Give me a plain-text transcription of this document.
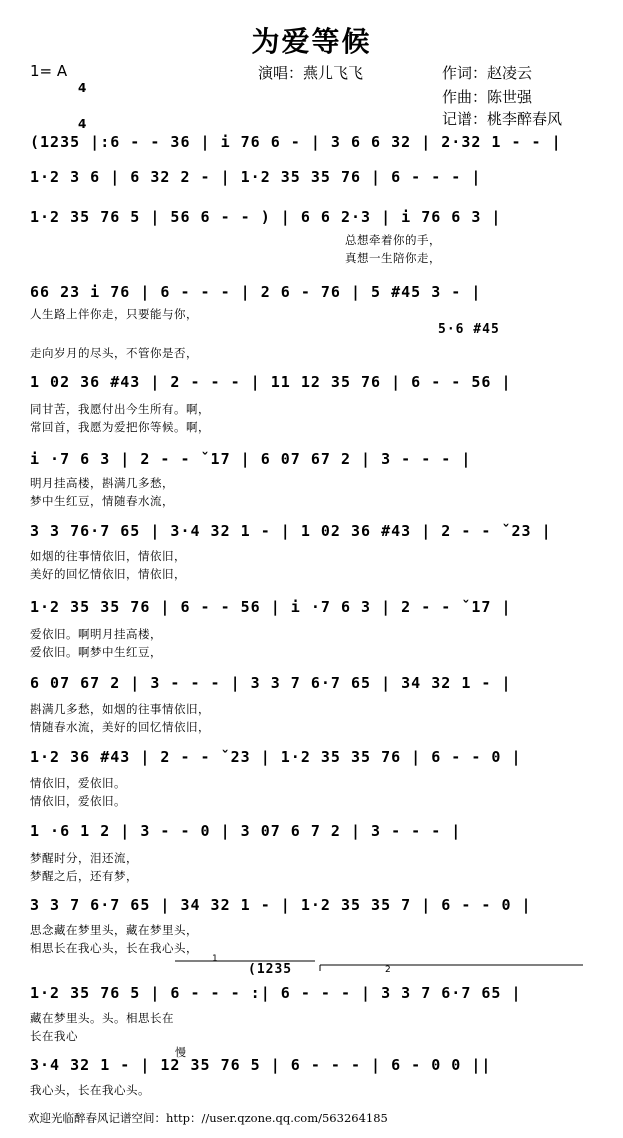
为爱等候
1= A

4

4

演唱：燕儿飞飞	作词：赵凌云
作曲：陈世强
记谱：桃李醉春风
(1235 |:6 - - 36 | i 76 6 - | 3 6 6 32 | 2·32 1 - - |
1·2 3 6 | 6 32 2 - | 1·2 35 35 76 | 6 - - - |
1·2 35 76 5 | 56 6 - - ) | 6 6 2·3 | i 76 6 3 |
总想牵着你的手，
真想一生陪你走，
66 23 i 76 | 6 - - - | 2 6 - 76 | 5 #45 3 - |
人生路上伴你走，只要能与你，
5·6 #45
走向岁月的尽头，不管你是否，
1 02 36 #43 | 2 - - - | 11 12 35 76 | 6 - - 56 |
同甘苦，我愿付出今生所有。啊，
常回首，我愿为爱把你等候。啊，
i ·7 6 3 | 2 - - ˇ17 | 6 07 67 2 | 3 - - - |
明月挂高楼，斟满几多愁，
梦中生红豆，情随春水流，
3 3 76·7 65 | 3·4 32 1 - | 1 02 36 #43 | 2 - - ˇ23 |
如烟的往事情依旧，情依旧，
美好的回忆情依旧，情依旧，
1·2 35 35 76 | 6 - - 56 | i ·7 6 3 | 2 - - ˇ17 |
爱依旧。啊明月挂高楼，
爱依旧。啊梦中生红豆，
6 07 67 2 | 3 - - - | 3 3 7 6·7 65 | 34 32 1 - |
斟满几多愁，如烟的往事情依旧，
情随春水流，美好的回忆情依旧，
1·2 36 #43 | 2 - - ˇ23 | 1·2 35 35 76 | 6 - - 0 |
情依旧，爱依旧。
情依旧，爱依旧。
1 ·6 1 2 | 3 - - 0 | 3 07 6 7 2 | 3 - - - |
梦醒时分，泪还流，
梦醒之后，还有梦，
3 3 7 6·7 65 | 34 32 1 - | 1·2 35 35 7 | 6 - - 0 |
思念藏在梦里头，藏在梦里头，
相思长在我心头，长在我心头，
1
2
(1235
1·2 35 76 5 | 6 - - - :| 6 - - - | 3 3 7 6·7 65 |
藏在梦里头。头。相思长在
长在我心
慢
3·4 32 1 - | 12 35 76 5 | 6 - - - | 6 - 0 0 ||
我心头，长在我心头。
欢迎光临醉春风记谱空间：http：//user.qzone.qq.com/563264185
